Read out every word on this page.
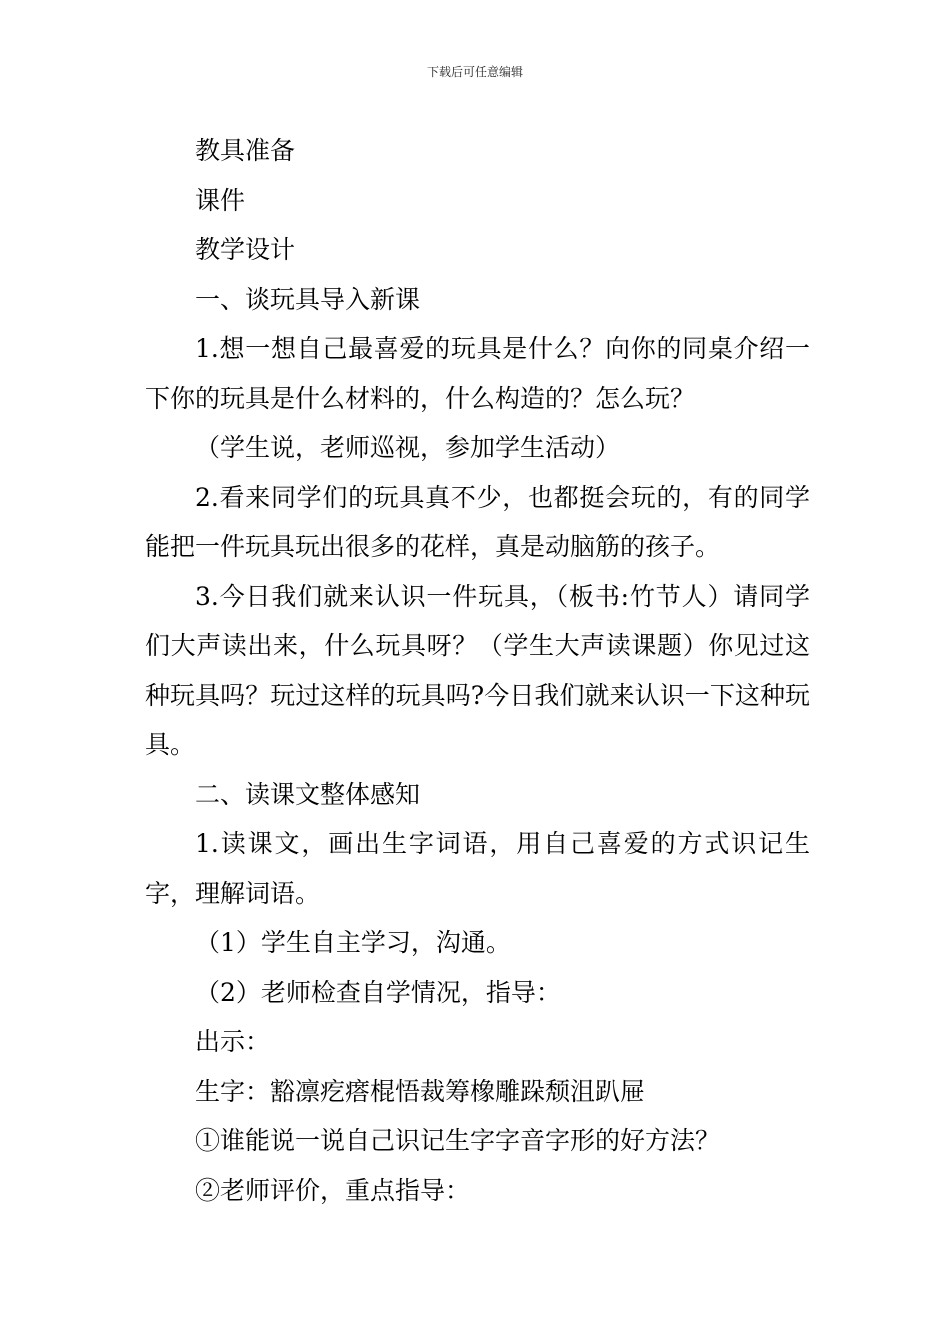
下载后可任意编辑

教具准备

课件

教学设计

一、谈玩具导入新课

1.想一想自己最喜爱的玩具是什么？向你的同桌介绍一下你的玩具是什么材料的，什么构造的？怎么玩？

（学生说，老师巡视，参加学生活动）

2.看来同学们的玩具真不少，也都挺会玩的，有的同学能把一件玩具玩出很多的花样，真是动脑筋的孩子。

3.今日我们就来认识一件玩具，（板书:竹节人）请同学们大声读出来，什么玩具呀？（学生大声读课题）你见过这种玩具吗？玩过这样的玩具吗?今日我们就来认识一下这种玩具。

二、读课文整体感知

1.读课文，画出生字词语，用自己喜爱的方式识记生字，理解词语。

（1）学生自主学习，沟通。

（2）老师检查自学情况，指导：

出示：

生字：豁凛疙瘩棍悟裁筹橡雕跺颓沮趴屉

①谁能说一说自己识记生字字音字形的好方法？

②老师评价，重点指导：
